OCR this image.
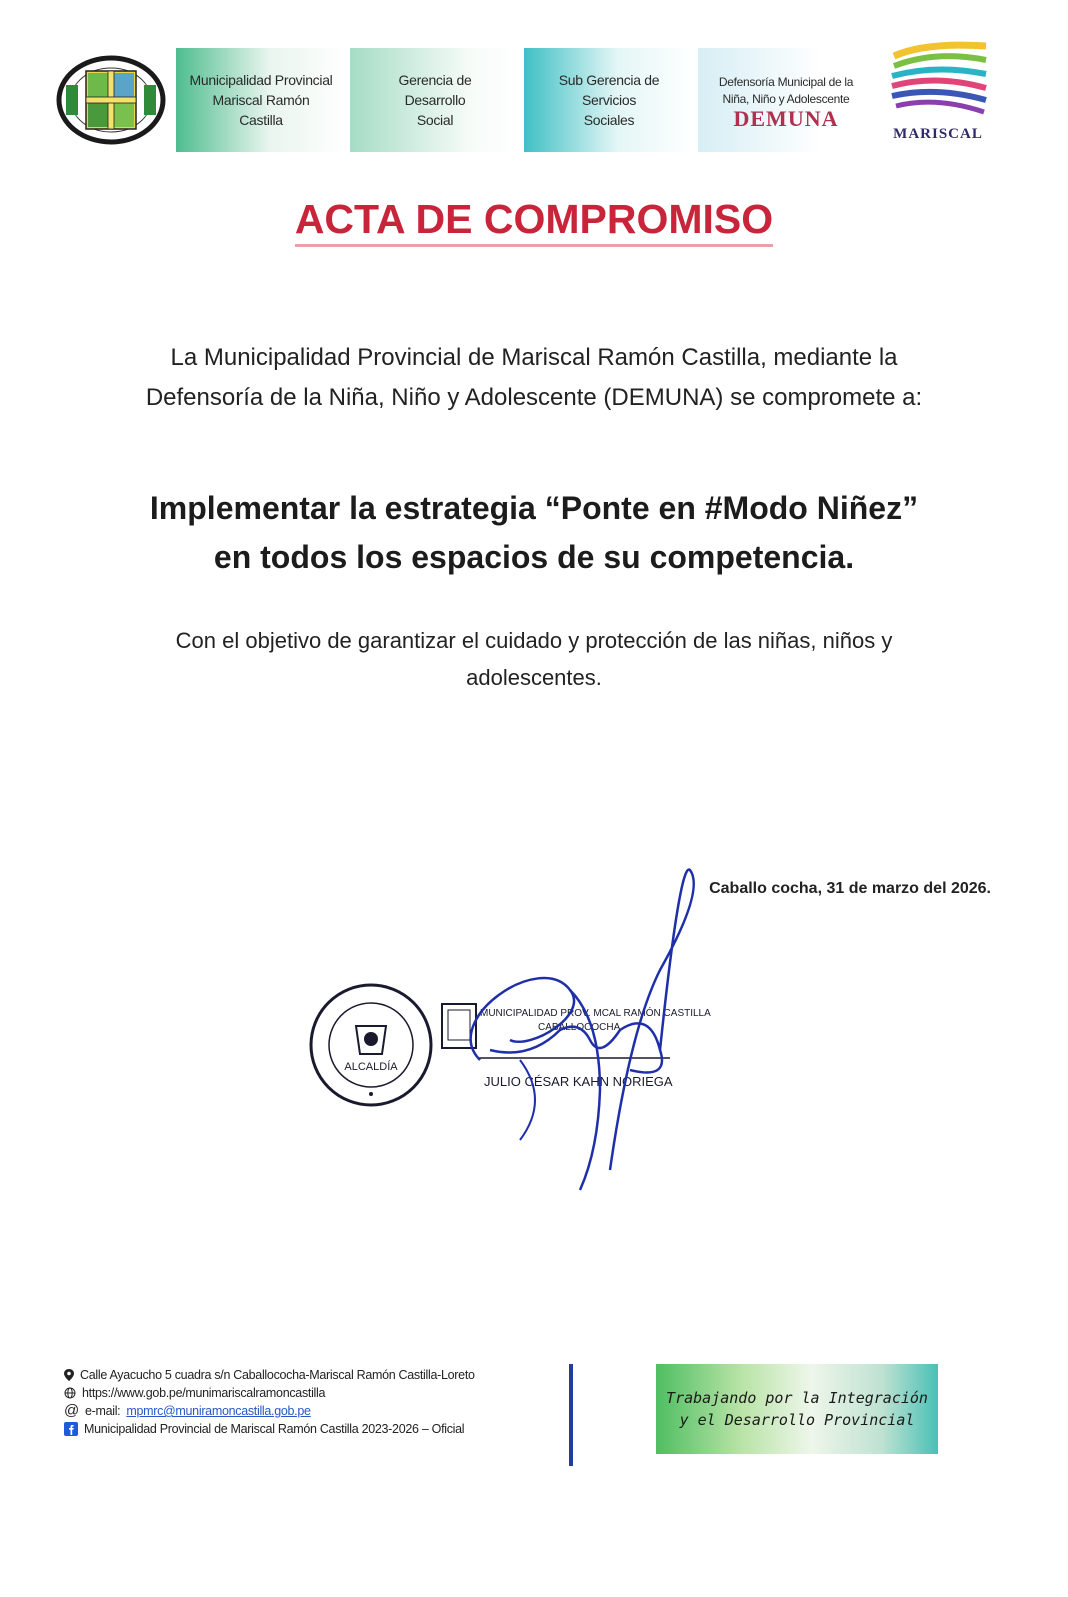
Municipalidad Provincial
Mariscal Ramón
Castilla
Gerencia de
Desarrollo
Social
Sub Gerencia de
Servicios
Sociales
Defensoría Municipal de la
Niña, Niño y Adolescente
DEMUNA
MARISCAL
ACTA DE COMPROMISO
La Municipalidad Provincial de Mariscal Ramón Castilla, mediante la
Defensoría de la Niña, Niño y Adolescente (DEMUNA) se compromete a:
Implementar la estrategia “Ponte en #Modo Niñez”
en todos los espacios de su competencia.
Con el objetivo de garantizar el cuidado y protección de las niñas, niños y
adolescentes.
Caballo cocha, 31 de marzo del 2026.
ALCALDÍA
MUNICIPALIDAD PROV. MCAL RAMÓN CASTILLA
CABALLOCOCHA
JULIO CÉSAR KAHN NORIEGA
Calle Ayacucho 5 cuadra s/n Caballococha-Mariscal Ramón Castilla-Loreto
https://www.gob.pe/munimariscalramoncastilla
@ e-mail: mpmrc@muniramoncastilla.gob.pe
Municipalidad Provincial de Mariscal Ramón Castilla 2023-2026 – Oficial
Trabajando por la Integración
y el Desarrollo Provincial
